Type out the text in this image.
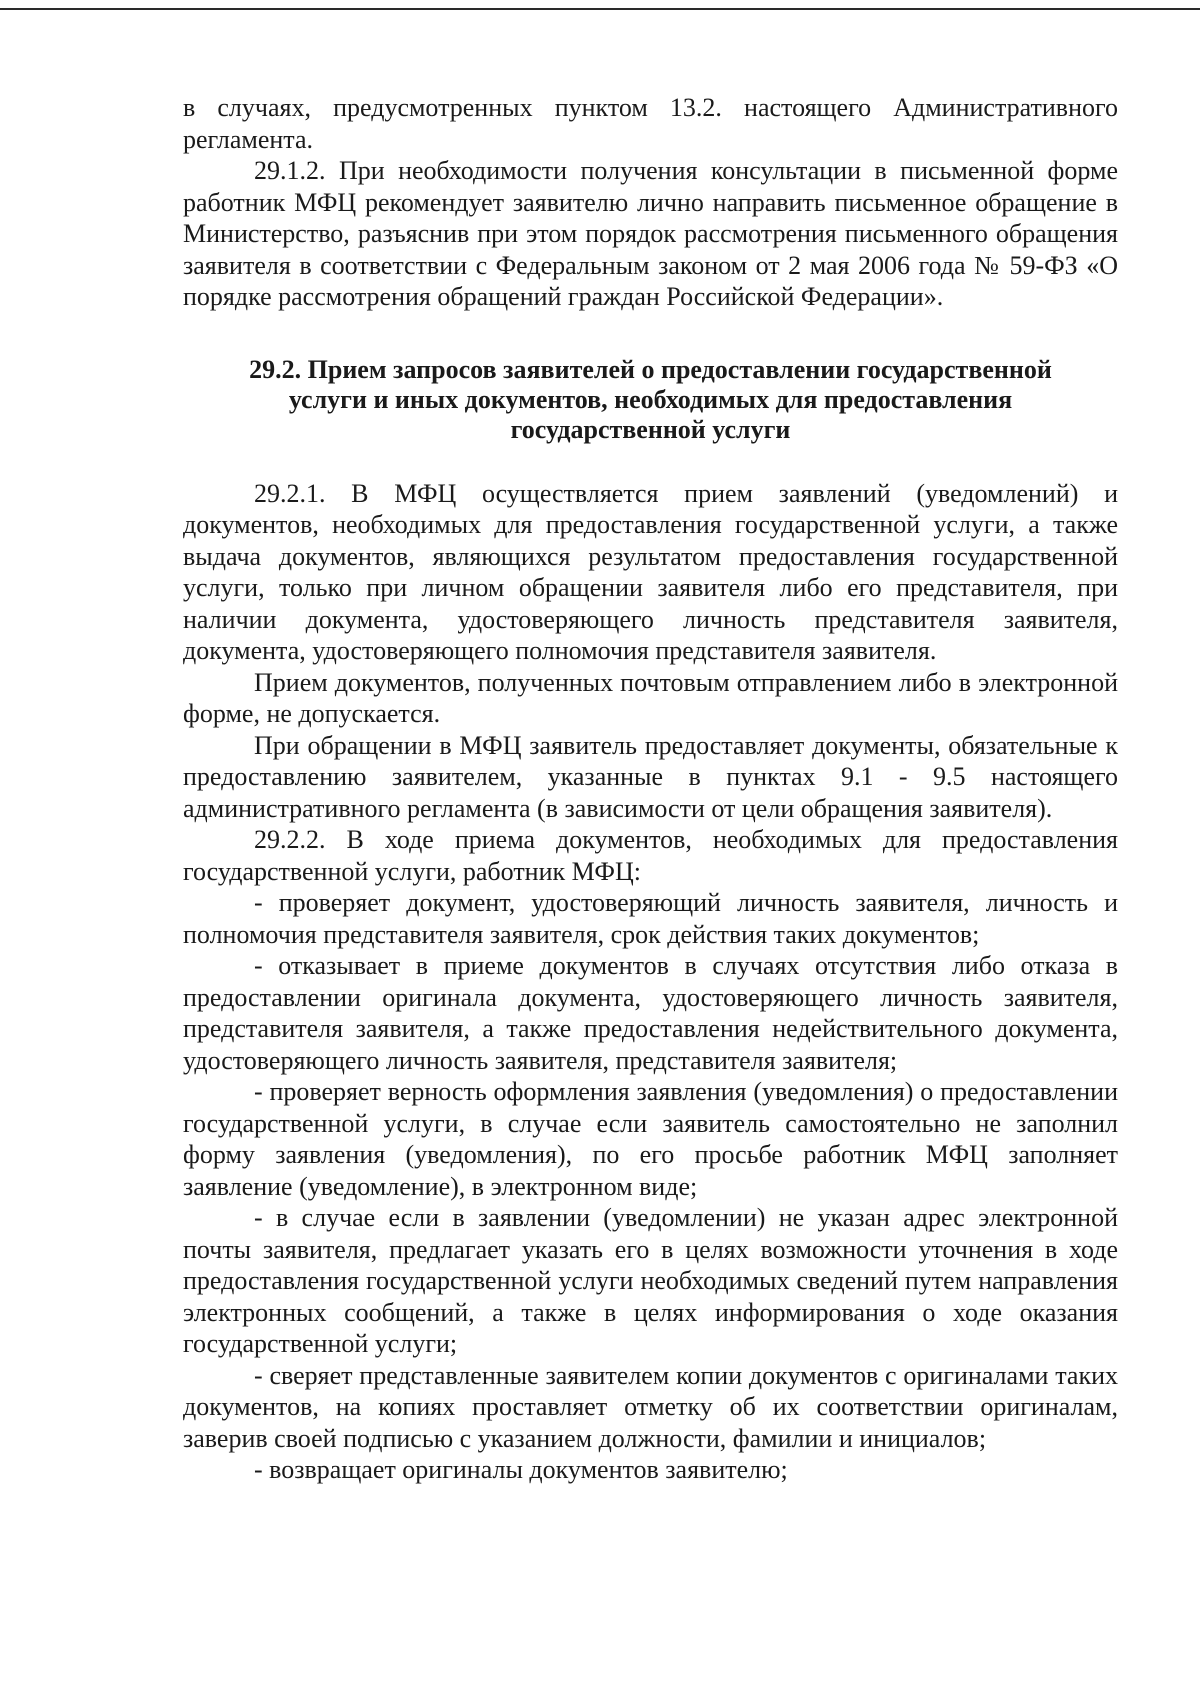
в случаях, предусмотренных пунктом 13.2. настоящего Административного регламента.

29.1.2. При необходимости получения консультации в письменной форме работник МФЦ рекомендует заявителю лично направить письменное обращение в Министерство, разъяснив при этом порядок рассмотрения письменного обращения заявителя в соответствии с Федеральным законом от 2 мая 2006 года № 59-ФЗ «О порядке рассмотрения обращений граждан Российской Федерации».

29.2. Прием запросов заявителей о предоставлении государственной
услуги и иных документов, необходимых для предоставления
государственной услуги

29.2.1. В МФЦ осуществляется прием заявлений (уведомлений) и документов, необходимых для предоставления государственной услуги, а также выдача документов, являющихся результатом предоставления государственной услуги, только при личном обращении заявителя либо его представителя, при наличии документа, удостоверяющего личность представителя заявителя, документа, удостоверяющего полномочия представителя заявителя.

Прием документов, полученных почтовым отправлением либо в электронной форме, не допускается.

При обращении в МФЦ заявитель предоставляет документы, обязательные к предоставлению заявителем, указанные в пунктах 9.1 - 9.5 настоящего административного регламента (в зависимости от цели обращения заявителя).

29.2.2. В ходе приема документов, необходимых для предоставления государственной услуги, работник МФЦ:

- проверяет документ, удостоверяющий личность заявителя, личность и полномочия представителя заявителя, срок действия таких документов;

- отказывает в приеме документов в случаях отсутствия либо отказа в предоставлении оригинала документа, удостоверяющего личность заявителя, представителя заявителя, а также предоставления недействительного документа, удостоверяющего личность заявителя, представителя заявителя;

- проверяет верность оформления заявления (уведомления) о предоставлении государственной услуги, в случае если заявитель самостоятельно не заполнил форму заявления (уведомления), по его просьбе работник МФЦ заполняет заявление (уведомление), в электронном виде;

- в случае если в заявлении (уведомлении) не указан адрес электронной почты заявителя, предлагает указать его в целях возможности уточнения в ходе предоставления государственной услуги необходимых сведений путем направления электронных сообщений, а также в целях информирования о ходе оказания государственной услуги;

- сверяет представленные заявителем копии документов с оригиналами таких документов, на копиях проставляет отметку об их соответствии оригиналам, заверив своей подписью с указанием должности, фамилии и инициалов;

- возвращает оригиналы документов заявителю;
